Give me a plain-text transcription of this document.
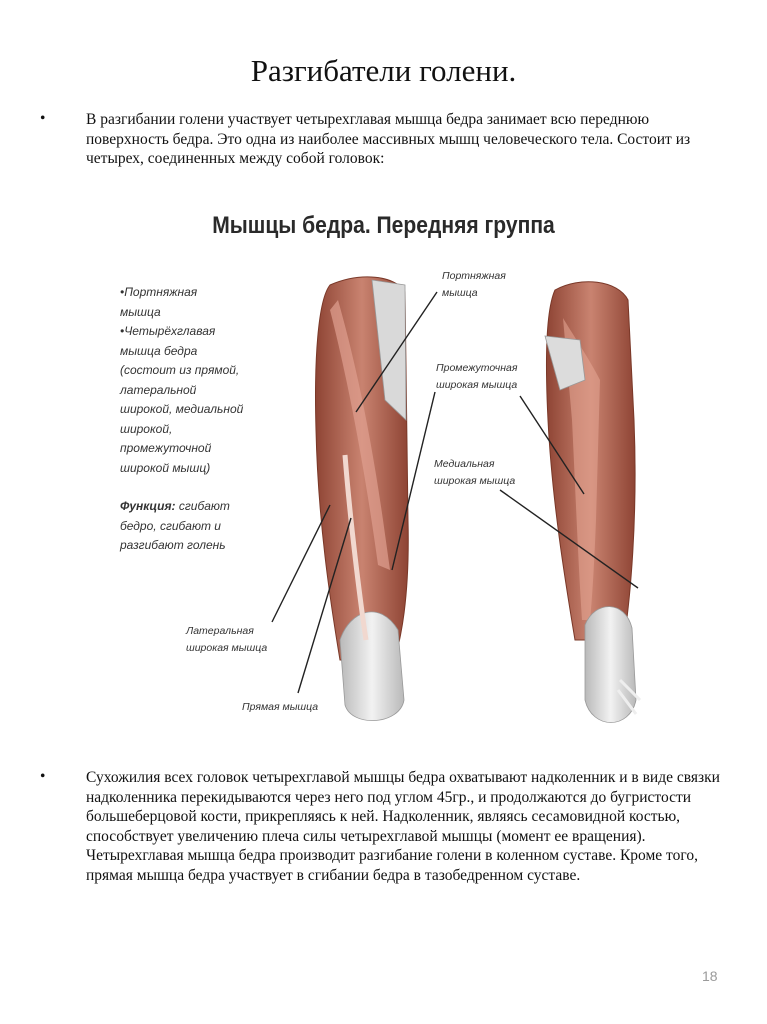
Разгибатели голени.
•	В разгибании голени участвует четырехглавая мышца бедра занимает всю переднюю поверхность бедра. Это одна из наиболее массивных мышц человеческого тела. Состоит из четырех, соединенных между собой головок:
Мышцы бедра. Передняя группа
•Портняжная
мышца
•Четырёхглавая
мышца бедра
(состоит из прямой,
латеральной
широкой, медиальной
широкой,
промежуточной
широкой мышц)
Функция: сгибают
бедро, сгибают и
разгибают голень
Портняжная
мышца
Промежуточная
широкая мышца
Медиальная
широкая мышца
Латеральная
широкая мышца
Прямая мышца
•	Сухожилия всех головок четырехглавой мышцы бедра охватывают надколенник и в виде связки надколенника перекидываются через него под углом 45гр., и продолжаются до бугристости большеберцовой кости, прикрепляясь к ней. Надколенник, являясь сесамовидной костью, способствует увеличению плеча силы четырехглавой мышцы (момент ее вращения). Четырехглавая мышца бедра производит разгибание голени в коленном суставе. Кроме того, прямая мышца бедра участвует в сгибании бедра в тазобедренном суставе.
18
